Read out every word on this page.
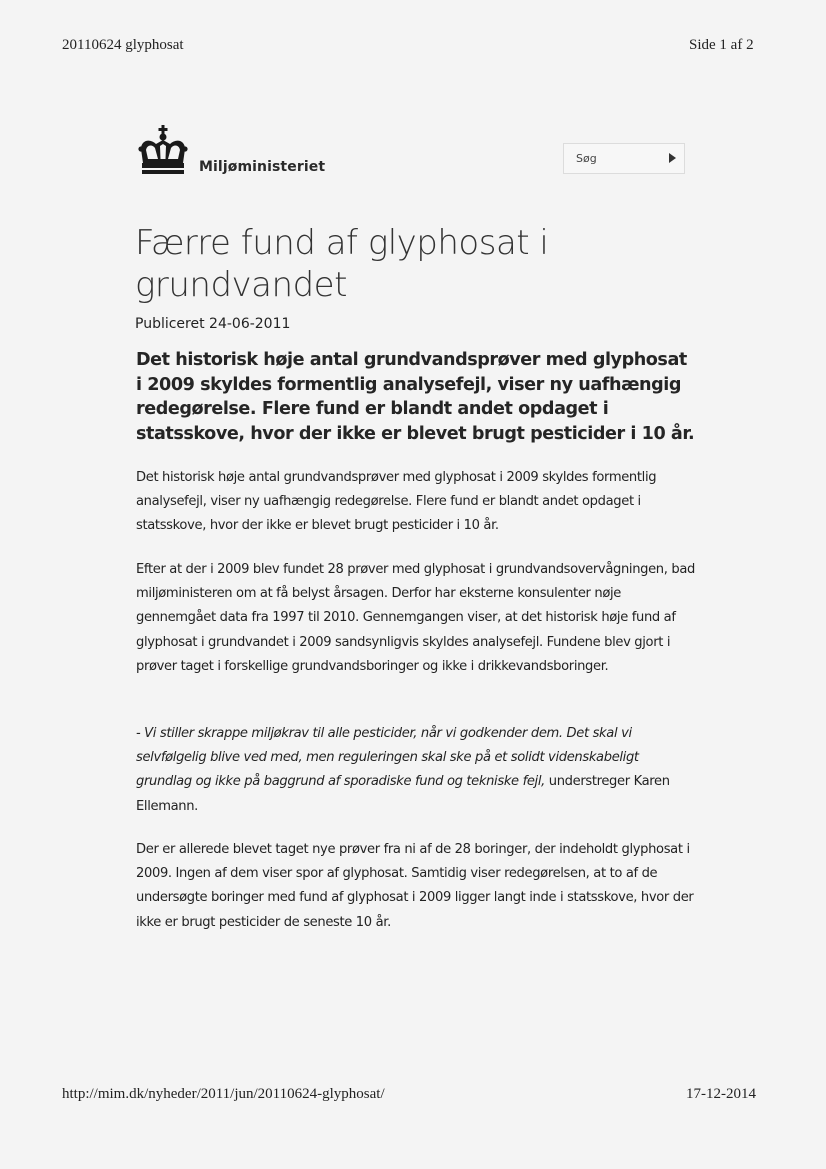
20110624 glyphosat	Side 1 af 2
Miljøministeriet
Søg
Færre fund af glyphosat i grundvandet
Publiceret 24-06-2011

Det historisk høje antal grundvandsprøver med glyphosat i 2009 skyldes formentlig analysefejl, viser ny uafhængig redegørelse. Flere fund er blandt andet opdaget i statsskove, hvor der ikke er blevet brugt pesticider i 10 år.

Det historisk høje antal grundvandsprøver med glyphosat i 2009 skyldes formentlig analysefejl, viser ny uafhængig redegørelse. Flere fund er blandt andet opdaget i statsskove, hvor der ikke er blevet brugt pesticider i 10 år.

Efter at der i 2009 blev fundet 28 prøver med glyphosat i grundvandsovervågningen, bad miljøministeren om at få belyst årsagen. Derfor har eksterne konsulenter nøje gennemgået data fra 1997 til 2010. Gennemgangen viser, at det historisk høje fund af glyphosat i grundvandet i 2009 sandsynligvis skyldes analysefejl. Fundene blev gjort i prøver taget i forskellige grundvandsboringer og ikke i drikkevandsboringer.

- Vi stiller skrappe miljøkrav til alle pesticider, når vi godkender dem. Det skal vi selvfølgelig blive ved med, men reguleringen skal ske på et solidt videnskabeligt grundlag og ikke på baggrund af sporadiske fund og tekniske fejl, understreger Karen Ellemann.

Der er allerede blevet taget nye prøver fra ni af de 28 boringer, der indeholdt glyphosat i 2009. Ingen af dem viser spor af glyphosat. Samtidig viser redegørelsen, at to af de undersøgte boringer med fund af glyphosat i 2009 ligger langt inde i statsskove, hvor der ikke er brugt pesticider de seneste 10 år.

http://mim.dk/nyheder/2011/jun/20110624-glyphosat/	17-12-2014
